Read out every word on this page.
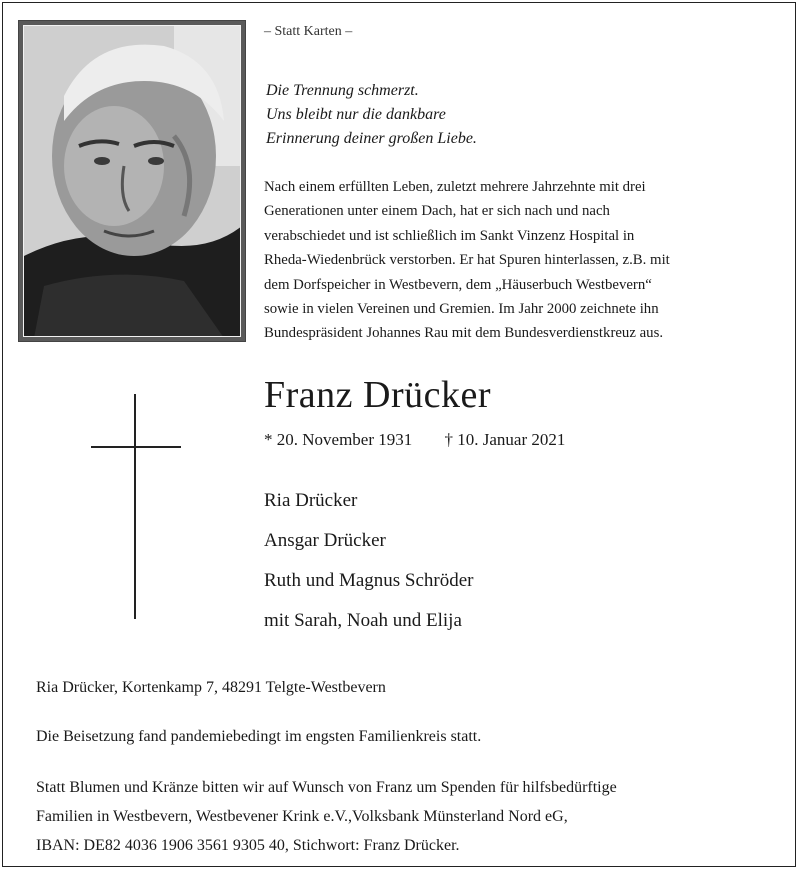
– Statt Karten –
Die Trennung schmerzt.
Uns bleibt nur die dankbare
Erinnerung deiner großen Liebe.
Nach einem erfüllten Leben, zuletzt mehrere Jahrzehnte mit drei
Generationen unter einem Dach, hat er sich nach und nach
verabschiedet und ist schließlich im Sankt Vinzenz Hospital in
Rheda-Wiedenbrück verstorben. Er hat Spuren hinterlassen, z.B. mit
dem Dorfspeicher in Westbevern, dem „Häuserbuch Westbevern“
sowie in vielen Vereinen und Gremien. Im Jahr 2000 zeichnete ihn
Bundespräsident Johannes Rau mit dem Bundesverdienstkreuz aus.
Franz Drücker
* 20. November 1931 † 10. Januar 2021
Ria Drücker
Ansgar Drücker
Ruth und Magnus Schröder
mit Sarah, Noah und Elija
Ria Drücker, Kortenkamp 7, 48291 Telgte-Westbevern
Die Beisetzung fand pandemiebedingt im engsten Familienkreis statt.
Statt Blumen und Kränze bitten wir auf Wunsch von Franz um Spenden für hilfsbedürftige
Familien in Westbevern, Westbevener Krink e.V.,Volksbank Münsterland Nord eG,
IBAN: DE82 4036 1906 3561 9305 40, Stichwort: Franz Drücker.
